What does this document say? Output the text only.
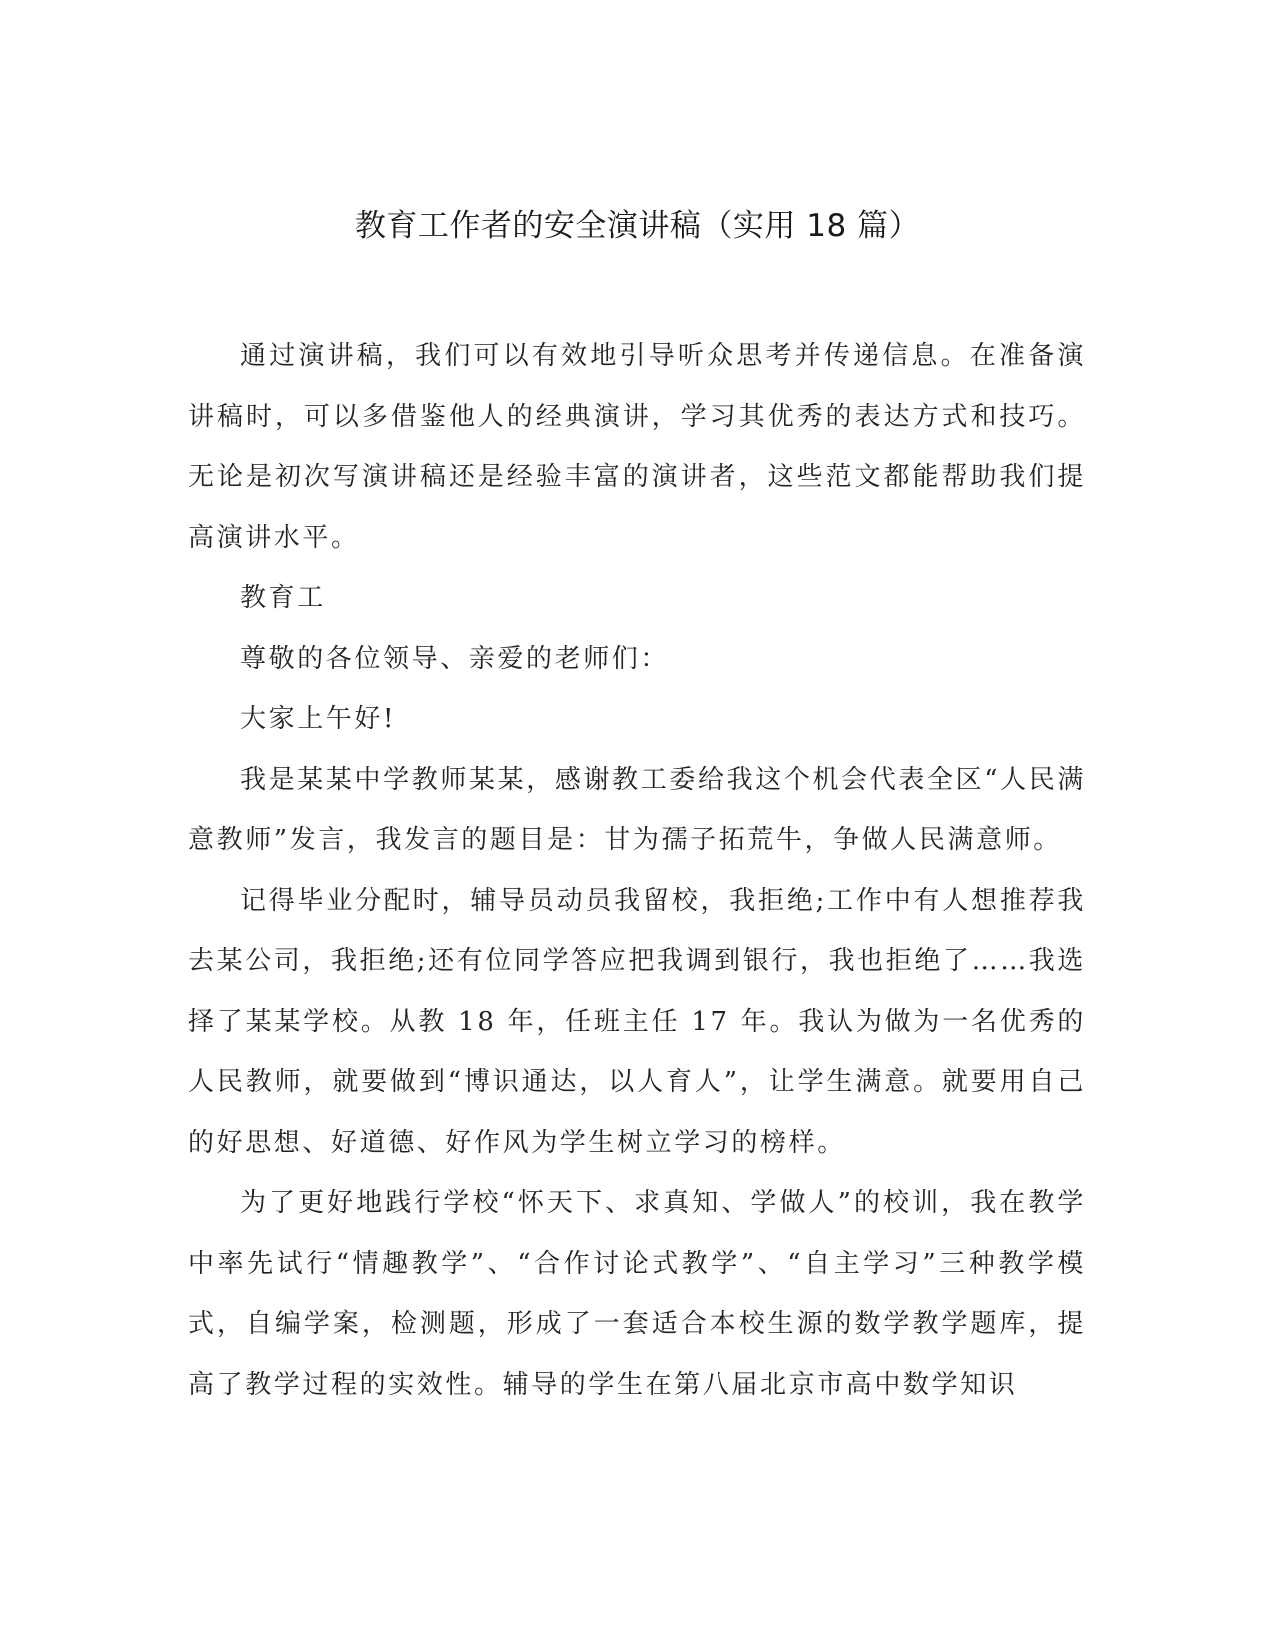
教育工作者的安全演讲稿（实用 18 篇）

通过演讲稿，我们可以有效地引导听众思考并传递信息。在准备演讲稿时，可以多借鉴他人的经典演讲，学习其优秀的表达方式和技巧。无论是初次写演讲稿还是经验丰富的演讲者，这些范文都能帮助我们提高演讲水平。

教育工

尊敬的各位领导、亲爱的老师们：

大家上午好!

我是某某中学教师某某，感谢教工委给我这个机会代表全区“人民满意教师”发言，我发言的题目是：甘为孺子拓荒牛，争做人民满意师。

记得毕业分配时，辅导员动员我留校，我拒绝;工作中有人想推荐我去某公司，我拒绝;还有位同学答应把我调到银行，我也拒绝了……我选择了某某学校。从教 18 年，任班主任 17 年。我认为做为一名优秀的人民教师，就要做到“博识通达，以人育人”，让学生满意。就要用自己的好思想、好道德、好作风为学生树立学习的榜样。

为了更好地践行学校“怀天下、求真知、学做人”的校训，我在教学中率先试行“情趣教学”、“合作讨论式教学”、“自主学习”三种教学模式，自编学案，检测题，形成了一套适合本校生源的数学教学题库，提高了教学过程的实效性。辅导的学生在第八届北京市高中数学知识
